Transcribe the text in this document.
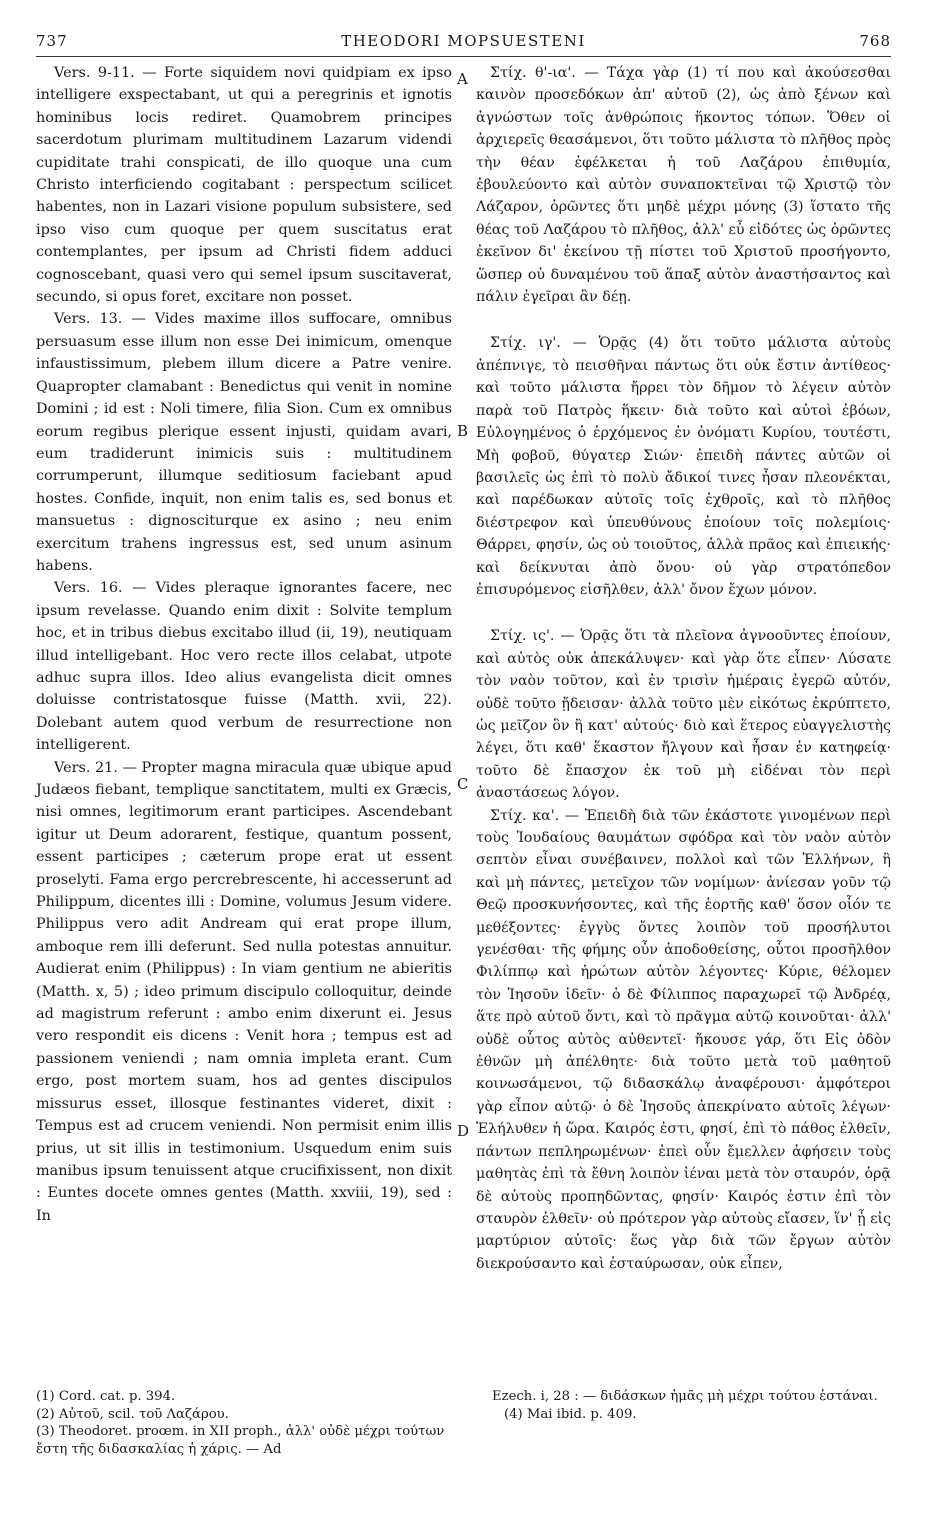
737	THEODORI MOPSUESTENI	768

Vers. 9-11. — Forte siquidem novi quidpiam ex ipso intelligere exspectabant, ut qui a peregrinis et ignotis hominibus locis rediret. Quamobrem principes sacerdotum plurimam multitudinem Lazarum videndi cupiditate trahi conspicati, de illo quoque una cum Christo interficiendo cogitabant : perspectum scilicet habentes, non in Lazari visione populum subsistere, sed ipso viso cum quoque per quem suscitatus erat contemplantes, per ipsum ad Christi fidem adduci cognoscebant, quasi vero qui semel ipsum suscitaverat, secundo, si opus foret, excitare non posset.

Vers. 13. — Vides maxime illos suffocare, omnibus persuasum esse illum non esse Dei inimicum, omenque infaustissimum, plebem illum dicere a Patre venire. Quapropter clamabant : Benedictus qui venit in nomine Domini ; id est : Noli timere, filia Sion. Cum ex omnibus eorum regibus plerique essent injusti, quidam avari, eum tradiderunt inimicis suis : multitudinem corrumperunt, illumque seditiosum faciebant apud hostes. Confide, inquit, non enim talis es, sed bonus et mansuetus : dignosciturque ex asino ; neu enim exercitum trahens ingressus est, sed unum asinum habens.

Vers. 16. — Vides pleraque ignorantes facere, nec ipsum revelasse. Quando enim dixit : Solvite templum hoc, et in tribus diebus excitabo illud (ii, 19), neutiquam illud intelligebant. Hoc vero recte illos celabat, utpote adhuc supra illos. Ideo alius evangelista dicit omnes doluisse contristatosque fuisse (Matth. xvii, 22). Dolebant autem quod verbum de resurrectione non intelligerent.

Vers. 21. — Propter magna miracula quæ ubique apud Judæos fiebant, templique sanctitatem, multi ex Græcis, nisi omnes, legitimorum erant participes. Ascendebant igitur ut Deum adorarent, festique, quantum possent, essent participes ; cæterum prope erat ut essent proselyti. Fama ergo percrebrescente, hi accesserunt ad Philippum, dicentes illi : Domine, volumus Jesum videre. Philippus vero adit Andream qui erat prope illum, amboque rem illi deferunt. Sed nulla potestas annuitur. Audierat enim (Philippus) : In viam gentium ne abieritis (Matth. x, 5) ; ideo primum discipulo colloquitur, deinde ad magistrum referunt : ambo enim dixerunt ei. Jesus vero respondit eis dicens : Venit hora ; tempus est ad passionem veniendi ; nam omnia impleta erant. Cum ergo, post mortem suam, hos ad gentes discipulos missurus esset, illosque festinantes videret, dixit : Tempus est ad crucem veniendi. Non permisit enim illis prius, ut sit illis in testimonium. Usquedum enim suis manibus ipsum tenuissent atque crucifixissent, non dixit : Euntes docete omnes gentes (Matth. xxviii, 19), sed : In

A
B
C
D

Στίχ. θ'-ια'. — Τάχα γὰρ (1) τί που καὶ ἀκούσεσθαι καινὸν προσεδόκων ἀπ' αὐτοῦ (2), ὡς ἀπὸ ξένων καὶ ἀγνώστων τοῖς ἀνθρώποις ἥκοντος τόπων. Ὅθεν οἱ ἀρχιερεῖς θεασάμενοι, ὅτι τοῦτο μάλιστα τὸ πλῆθος πρὸς τὴν θέαν ἐφέλκεται ἡ τοῦ Λαζάρου ἐπιθυμία, ἐβουλεύοντο καὶ αὐτὸν συναποκτεῖναι τῷ Χριστῷ τὸν Λάζαρον, ὁρῶντες ὅτι μηδὲ μέχρι μόνης (3) ἵστατο τῆς θέας τοῦ Λαζάρου τὸ πλῆθος, ἀλλ' εὖ εἰδότες ὡς ὁρῶντες ἐκεῖνον δι' ἐκείνου τῇ πίστει τοῦ Χριστοῦ προσήγοντο, ὥσπερ οὐ δυναμένου τοῦ ἅπαξ αὐτὸν ἀναστήσαντος καὶ πάλιν ἐγεῖραι ἂν δέῃ.

Στίχ. ιγ'. — Ὁρᾷς (4) ὅτι τοῦτο μάλιστα αὐτοὺς ἀπέπνιγε, τὸ πεισθῆναι πάντως ὅτι οὐκ ἔστιν ἀντίθεος· καὶ τοῦτο μάλιστα ἤρρει τὸν δῆμον τὸ λέγειν αὐτὸν παρὰ τοῦ Πατρὸς ἥκειν· διὰ τοῦτο καὶ αὐτοὶ ἐβόων, Εὐλογημένος ὁ ἐρχόμενος ἐν ὀνόματι Κυρίου, τουτέστι, Μὴ φοβοῦ, θύγατερ Σιών· ἐπειδὴ πάντες αὐτῶν οἱ βασιλεῖς ὡς ἐπὶ τὸ πολὺ ἄδικοί τινες ἦσαν πλεονέκται, καὶ παρέδωκαν αὐτοῖς τοῖς ἐχθροῖς, καὶ τὸ πλῆθος διέστρεφον καὶ ὑπευθύνους ἐποίουν τοῖς πολεμίοις· Θάρρει, φησίν, ὡς οὐ τοιοῦτος, ἀλλὰ πρᾶος καὶ ἐπιεικής· καὶ δείκνυται ἀπὸ ὄνου· οὐ γὰρ στρατόπεδον ἐπισυρόμενος εἰσῆλθεν, ἀλλ' ὄνον ἔχων μόνον.

Στίχ. ις'. — Ὁρᾷς ὅτι τὰ πλεῖονα ἀγνοοῦντες ἐποίουν, καὶ αὐτὸς οὐκ ἀπεκάλυψεν· καὶ γὰρ ὅτε εἶπεν· Λύσατε τὸν ναὸν τοῦτον, καὶ ἐν τρισὶν ἡμέραις ἐγερῶ αὐτόν, οὐδὲ τοῦτο ᾔδεισαν· ἀλλὰ τοῦτο μὲν εἰκότως ἐκρύπτετο, ὡς μεῖζον ὂν ἢ κατ' αὐτούς· διὸ καὶ ἕτερος εὐαγγελιστὴς λέγει, ὅτι καθ' ἕκαστον ἤλγουν καὶ ἦσαν ἐν κατηφείᾳ· τοῦτο δὲ ἔπασχον ἐκ τοῦ μὴ εἰδέναι τὸν περὶ ἀναστάσεως λόγον.

Στίχ. κα'. — Ἐπειδὴ διὰ τῶν ἑκάστοτε γινομένων περὶ τοὺς Ἰουδαίους θαυμάτων σφόδρα καὶ τὸν ναὸν αὐτὸν σεπτὸν εἶναι συνέβαινεν, πολλοὶ καὶ τῶν Ἑλλήνων, ἢ καὶ μὴ πάντες, μετεῖχον τῶν νομίμων· ἀνίεσαν γοῦν τῷ Θεῷ προσκυνήσοντες, καὶ τῆς ἑορτῆς καθ' ὅσον οἷόν τε μεθέξοντες· ἐγγὺς ὄντες λοιπὸν τοῦ προσήλυτοι γενέσθαι· τῆς φήμης οὖν ἀποδοθείσης, οὗτοι προσῆλθον Φιλίππῳ καὶ ἠρώτων αὐτὸν λέγοντες· Κύριε, θέλομεν τὸν Ἰησοῦν ἰδεῖν· ὁ δὲ Φίλιππος παραχωρεῖ τῷ Ἀνδρέᾳ, ἅτε πρὸ αὐτοῦ ὄντι, καὶ τὸ πρᾶγμα αὐτῷ κοινοῦται· ἀλλ' οὐδὲ οὗτος αὐτὸς αὐθεντεῖ· ἤκουσε γάρ, ὅτι Εἰς ὁδὸν ἐθνῶν μὴ ἀπέλθητε· διὰ τοῦτο μετὰ τοῦ μαθητοῦ κοινωσάμενοι, τῷ διδασκάλῳ ἀναφέρουσι· ἀμφότεροι γὰρ εἶπον αὐτῷ· ὁ δὲ Ἰησοῦς ἀπεκρίνατο αὐτοῖς λέγων· Ἐλήλυθεν ἡ ὥρα. Καιρός ἐστι, φησί, ἐπὶ τὸ πάθος ἐλθεῖν, πάντων πεπληρωμένων· ἐπεὶ οὖν ἔμελλεν ἀφήσειν τοὺς μαθητὰς ἐπὶ τὰ ἔθνη λοιπὸν ἰέναι μετὰ τὸν σταυρόν, ὁρᾷ δὲ αὐτοὺς προπηδῶντας, φησίν· Καιρός ἐστιν ἐπὶ τὸν σταυρὸν ἐλθεῖν· οὐ πρότερον γὰρ αὐτοὺς εἴασεν, ἵν' ᾖ εἰς μαρτύριον αὐτοῖς· ἕως γὰρ διὰ τῶν ἔργων αὐτὸν διεκρούσαντο καὶ ἐσταύρωσαν, οὐκ εἶπεν,

(1) Cord. cat. p. 394.
(2) Αὐτοῦ, scil. τοῦ Λαζάρου.
(3) Theodoret. proœm. in XII proph., ἀλλ' οὐδὲ μέχρι τούτων ἔστη τῆς διδασκαλίας ἡ χάρις. — Ad
Ezech. i, 28 : — διδάσκων ἡμᾶς μὴ μέχρι τούτου ἑστάναι.
(4) Mai ibid. p. 409.
